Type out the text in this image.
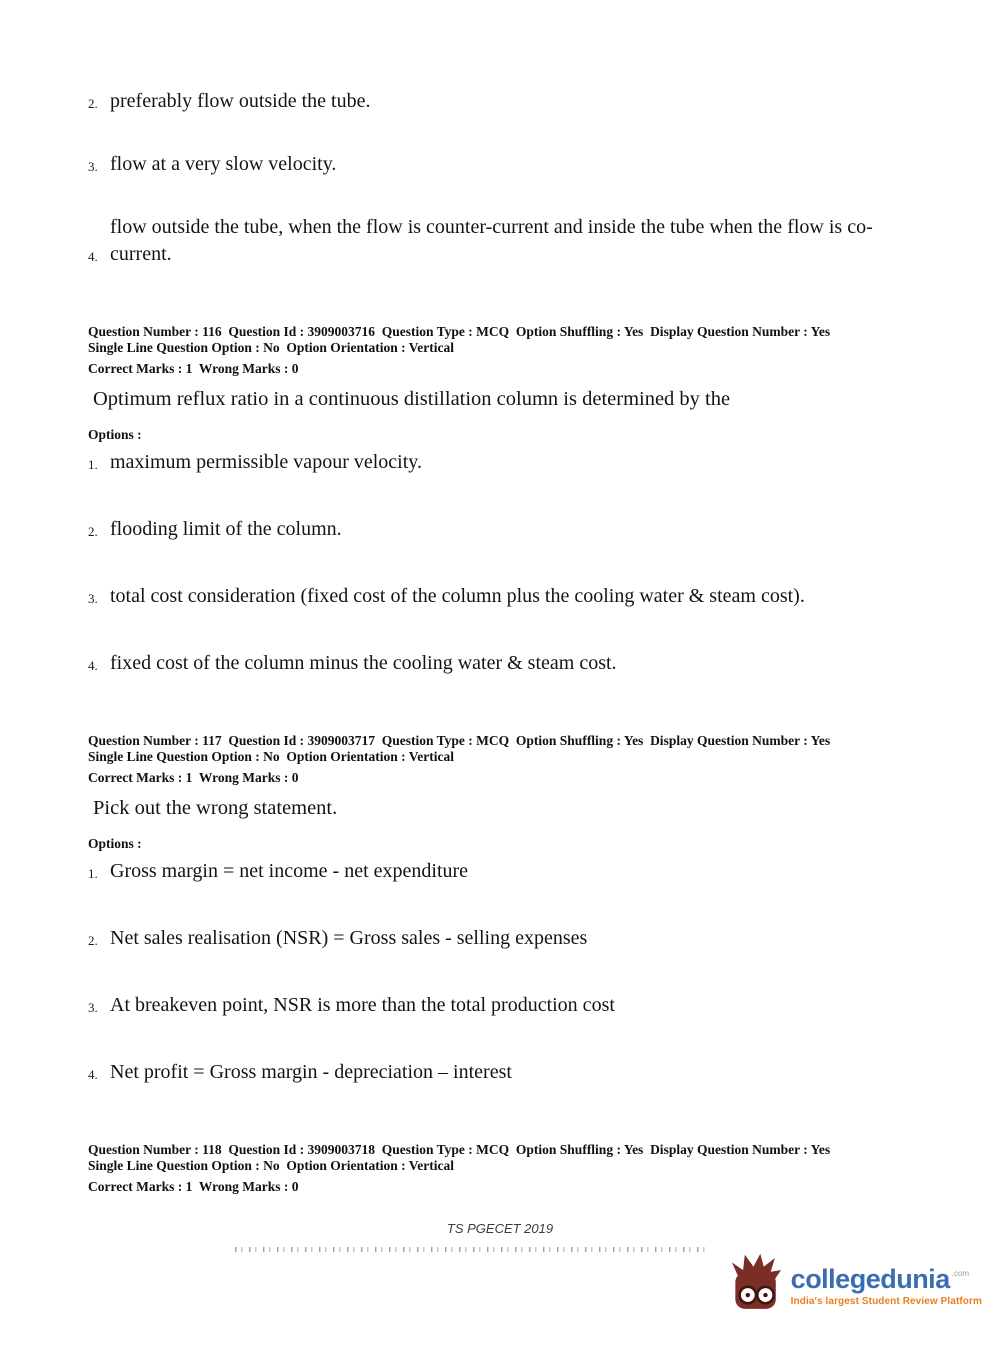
2. preferably flow outside the tube.
3. flow at a very slow velocity.
4.
flow outside the tube, when the flow is counter-current and inside the tube when the flow is co-current.

Question Number : 116  Question Id : 3909003716  Question Type : MCQ  Option Shuffling : Yes  Display Question Number : Yes

Single Line Question Option : No  Option Orientation : Vertical

Correct Marks : 1  Wrong Marks : 0

Optimum reflux ratio in a continuous distillation column is determined by the

Options :

1. maximum permissible vapour velocity.
2. flooding limit of the column.
3. total cost consideration (fixed cost of the column plus the cooling water & steam cost).
4. fixed cost of the column minus the cooling water & steam cost.

Question Number : 117  Question Id : 3909003717  Question Type : MCQ  Option Shuffling : Yes  Display Question Number : Yes

Single Line Question Option : No  Option Orientation : Vertical

Correct Marks : 1  Wrong Marks : 0

Pick out the wrong statement.

Options :

1. Gross margin = net income - net expenditure
2. Net sales realisation (NSR) = Gross sales - selling expenses
3. At breakeven point, NSR is more than the total production cost
4. Net profit = Gross margin - depreciation – interest

Question Number : 118  Question Id : 3909003718  Question Type : MCQ  Option Shuffling : Yes  Display Question Number : Yes

Single Line Question Option : No  Option Orientation : Vertical

Correct Marks : 1  Wrong Marks : 0

TS PGECET 2019
collegedunia .com
India's largest Student Review Platform
